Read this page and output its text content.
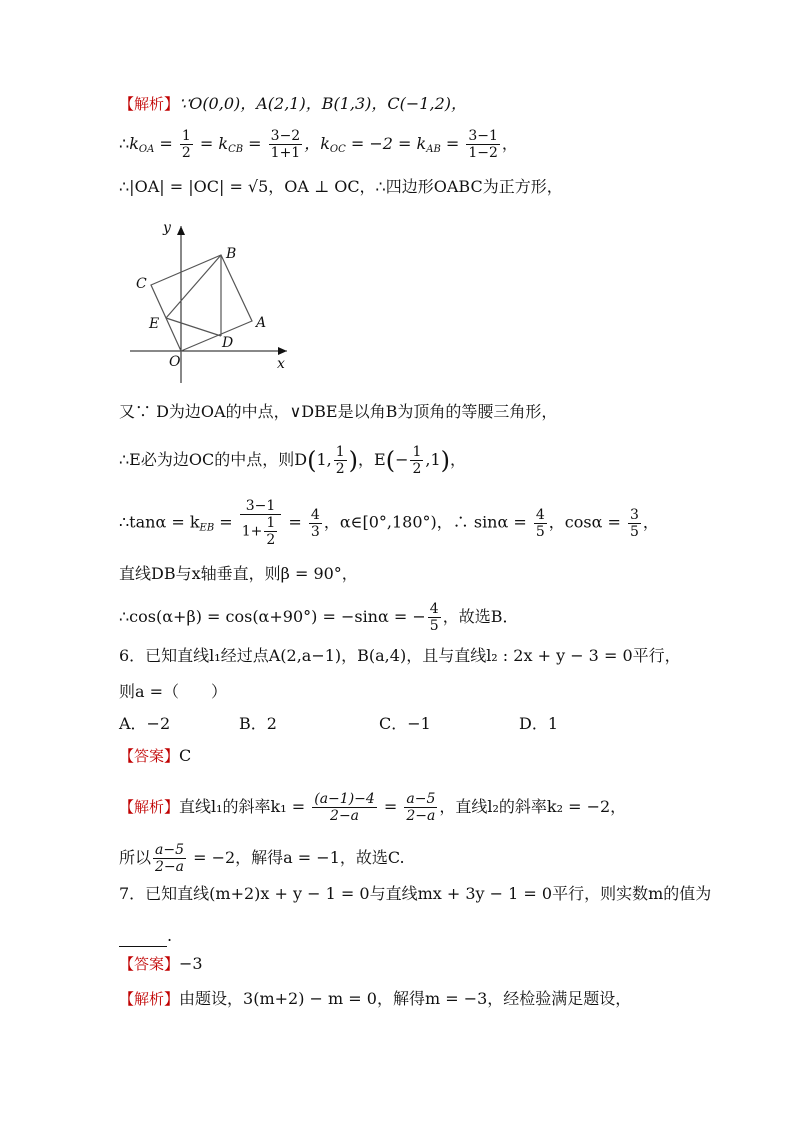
【解析】∵O(0,0)，A(2,1)，B(1,3)，C(−1,2)，
$\therefore k_{OA} = \frac{1}{2} = k_{CB} = \frac{3-2}{1+1}$ ，$k_{OC} = -2 = k_{AB} = \frac{3-1}{1-2}$ ，
∴|OA| = |OC| = √5，OA ⊥ OC，∴四边形OABC为正方形，
y
x
B
C
E	A
O
D
又∵ D为边OA的中点，∨DBE是以角B为顶角的等腰三角形，
∴E必为边OC的中点，则D(1, $\frac{1}{2}$ )，$E(- \frac{1}{2} ,1)$，
∴tanα = $k_{EB} = \frac{3-1}{1+ \frac{1}{2}} = \frac{4}{3}$ ，α∈[0°,180°)，∴ $\sin\alpha = \frac{4}{5}$ ，$\cos\alpha = \frac{3}{5}$ ，
直线DB与x轴垂直，则β = 90°，
∴cos(α+β) = cos(α+90°) = −sinα = − $\frac{4}{5}$ ，故选B．
6．已知直线l₁经过点A(2,a−1)，B(a,4)，且与直线l₂ : 2x + y − 3 = 0平行，
则a =（　　）
A．−2	B．2	C．−1	D．1
【答案】C
【解析】直线l₁的斜率$k_1 = \frac{(a-1)-4}{2-a} = \frac{a-5}{2-a}$ ，直线l₂的斜率k₂ = −2，
所以 $\frac{a-5}{2-a} = -2$，解得a = −1，故选C.
7．已知直线(m+2)x + y − 1 = 0与直线mx + 3y − 1 = 0平行，则实数m的值为
.
【答案】−3
【解析】由题设，3(m+2) − m = 0，解得m = −3，经检验满足题设，
